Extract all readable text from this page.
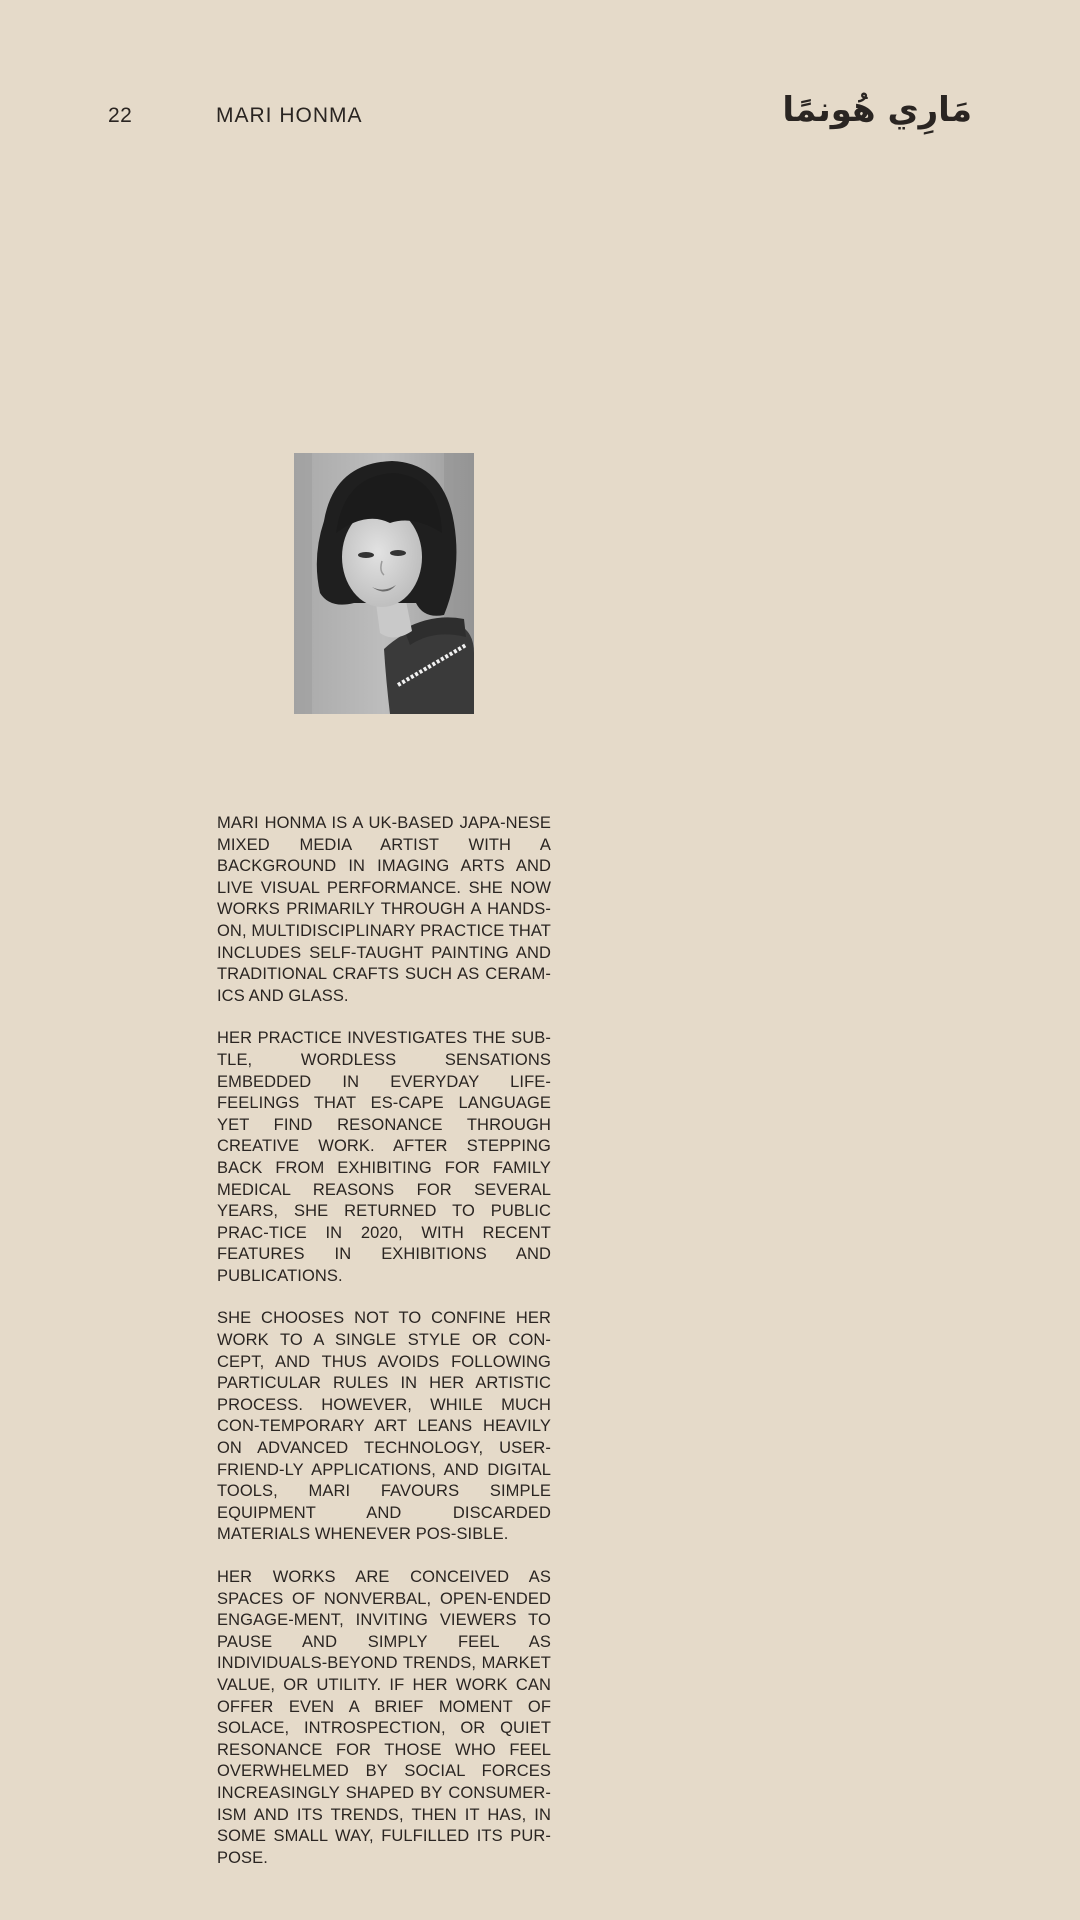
22	MARI HONMA	مَارِي هُونمًا

MARI HONMA IS A UK-BASED JAPA-NESE MIXED MEDIA ARTIST WITH A BACKGROUND IN IMAGING ARTS AND LIVE VISUAL PERFORMANCE. SHE NOW WORKS PRIMARILY THROUGH A HANDS-ON, MULTIDISCIPLINARY PRACTICE THAT INCLUDES SELF-TAUGHT PAINTING AND TRADITIONAL CRAFTS SUCH AS CERAM-ICS AND GLASS.

HER PRACTICE INVESTIGATES THE SUB-TLE, WORDLESS SENSATIONS EMBEDDED IN EVERYDAY LIFE-FEELINGS THAT ES-CAPE LANGUAGE YET FIND RESONANCE THROUGH CREATIVE WORK. AFTER STEPPING BACK FROM EXHIBITING FOR FAMILY MEDICAL REASONS FOR SEVERAL YEARS, SHE RETURNED TO PUBLIC PRAC-TICE IN 2020, WITH RECENT FEATURES IN EXHIBITIONS AND PUBLICATIONS.

SHE CHOOSES NOT TO CONFINE HER WORK TO A SINGLE STYLE OR CON-CEPT, AND THUS AVOIDS FOLLOWING PARTICULAR RULES IN HER ARTISTIC PROCESS. HOWEVER, WHILE MUCH CON-TEMPORARY ART LEANS HEAVILY ON ADVANCED TECHNOLOGY, USER-FRIEND-LY APPLICATIONS, AND DIGITAL TOOLS, MARI FAVOURS SIMPLE EQUIPMENT AND DISCARDED MATERIALS WHENEVER POS-SIBLE.

HER WORKS ARE CONCEIVED AS SPACES OF NONVERBAL, OPEN-ENDED ENGAGE-MENT, INVITING VIEWERS TO PAUSE AND SIMPLY FEEL AS INDIVIDUALS-BEYOND TRENDS, MARKET VALUE, OR UTILITY. IF HER WORK CAN OFFER EVEN A BRIEF MOMENT OF SOLACE, INTROSPECTION, OR QUIET RESONANCE FOR THOSE WHO FEEL OVERWHELMED BY SOCIAL FORCES INCREASINGLY SHAPED BY CONSUMER-ISM AND ITS TRENDS, THEN IT HAS, IN SOME SMALL WAY, FULFILLED ITS PUR-POSE.
